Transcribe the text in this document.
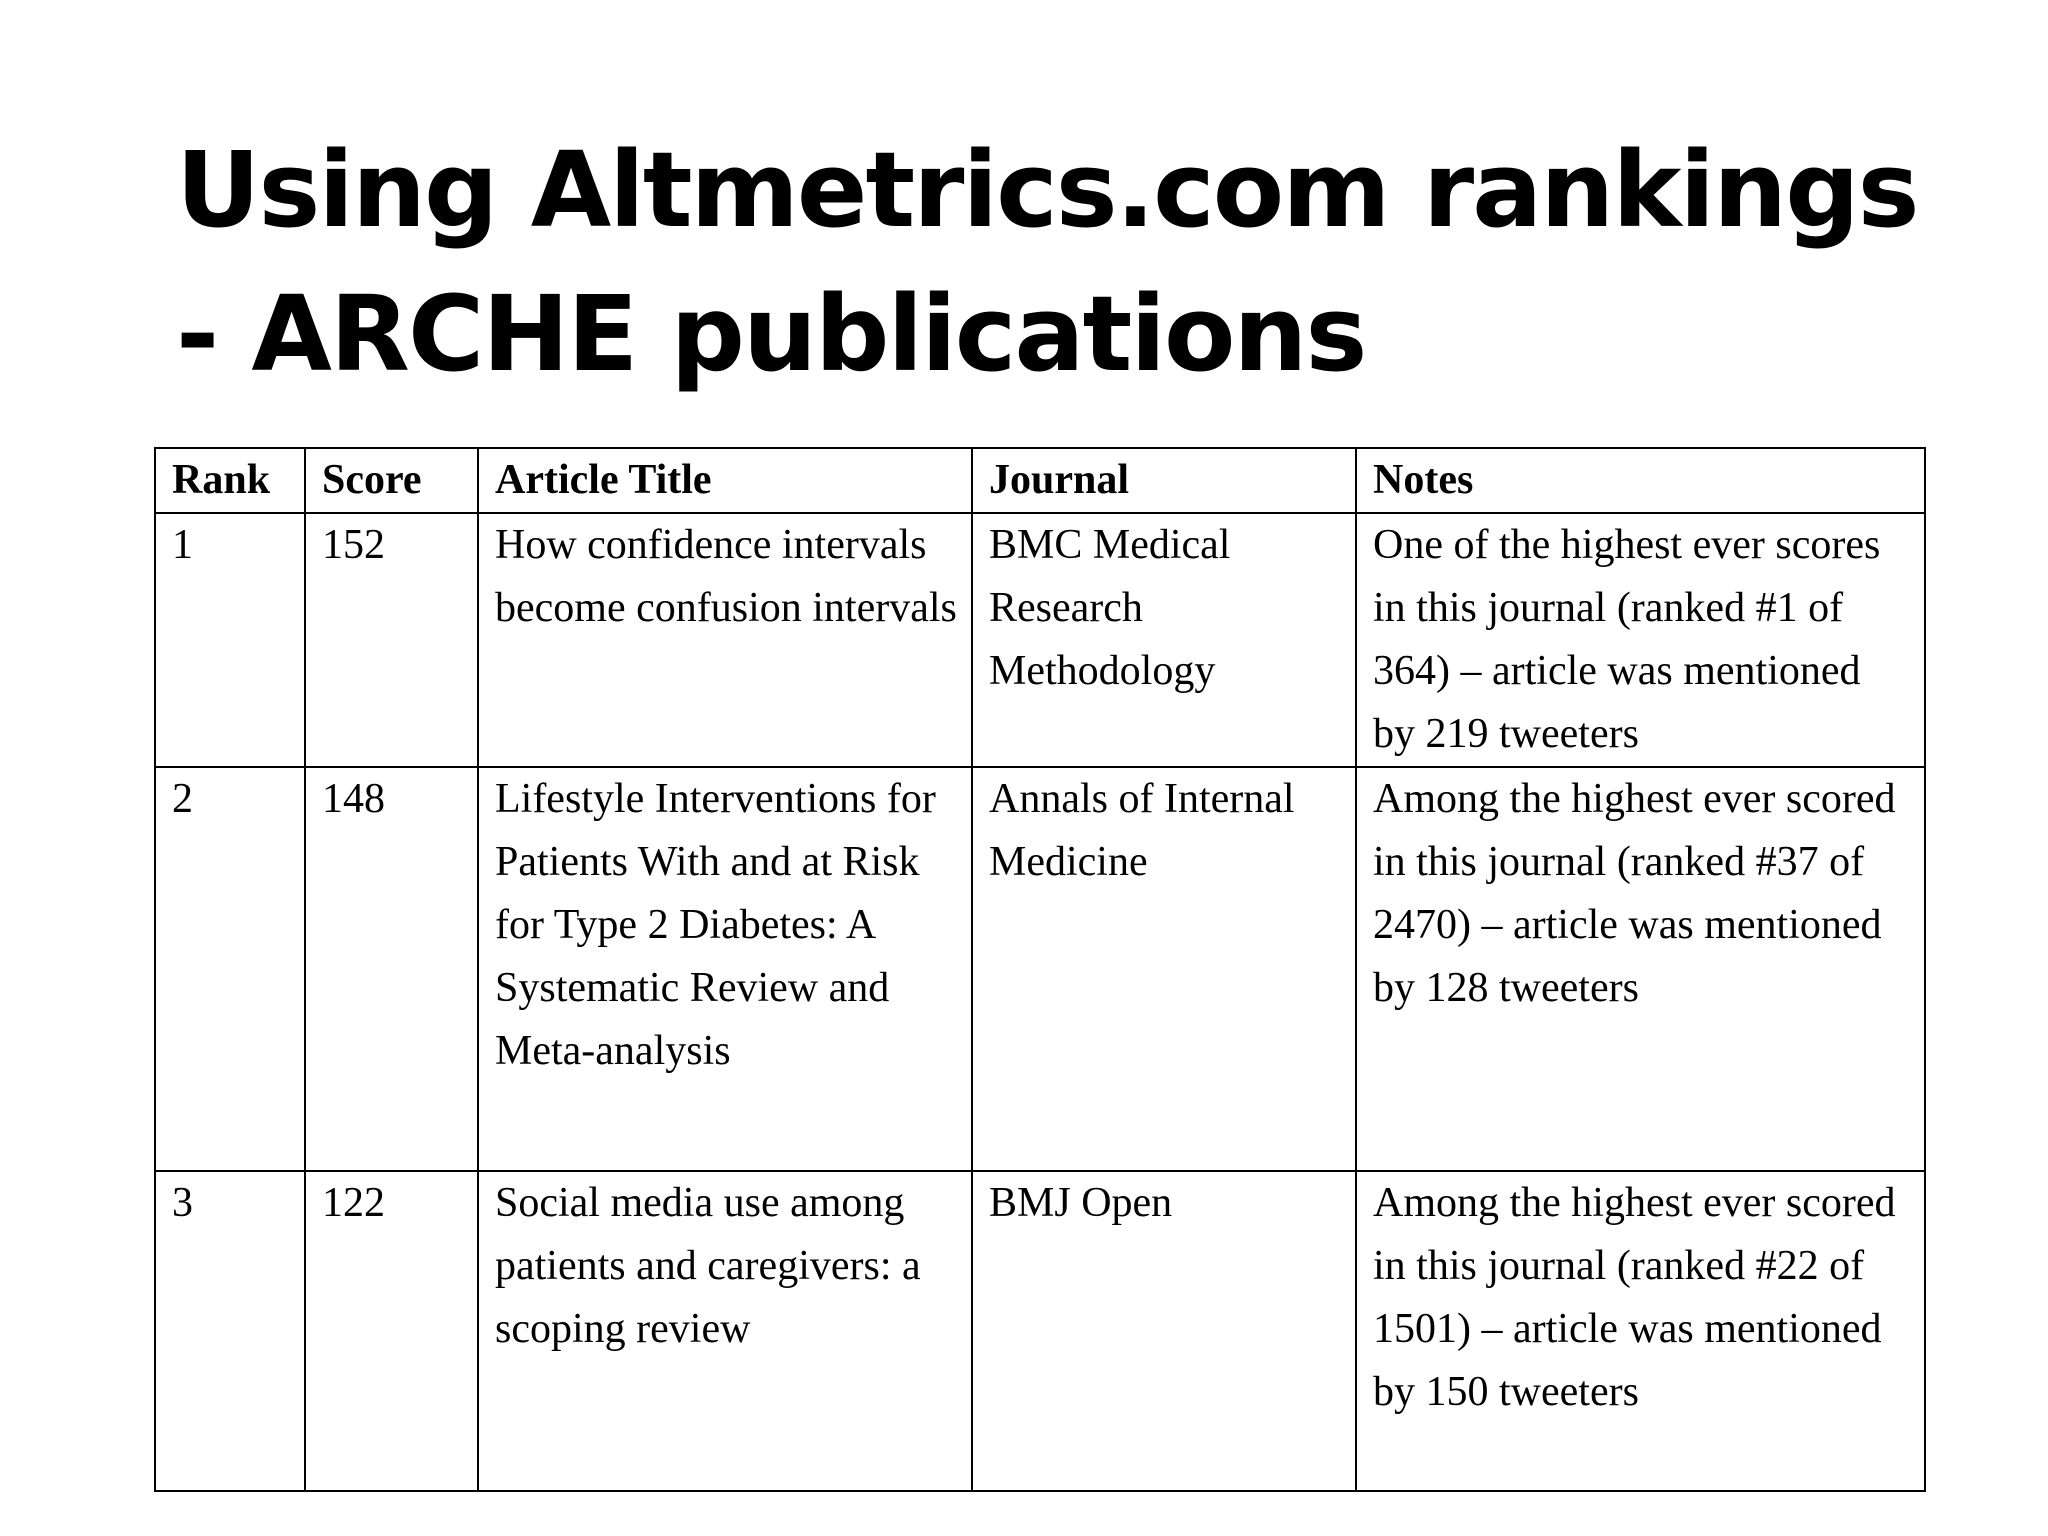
Using Altmetrics.com rankings
- ARCHE publications
Rank	Score	Article Title	Journal	Notes
1	152	How confidence intervals become confusion intervals	BMC Medical Research Methodology	One of the highest ever scores in this journal (ranked #1 of 364) – article was mentioned by 219 tweeters
2	148	Lifestyle Interventions for Patients With and at Risk for Type 2 Diabetes: A Systematic Review and Meta-analysis	Annals of Internal Medicine	Among the highest ever scored in this journal (ranked #37 of 2470) – article was mentioned by 128 tweeters
3	122	Social media use among patients and caregivers: a scoping review	BMJ Open	Among the highest ever scored in this journal (ranked #22 of 1501) – article was mentioned by 150 tweeters
